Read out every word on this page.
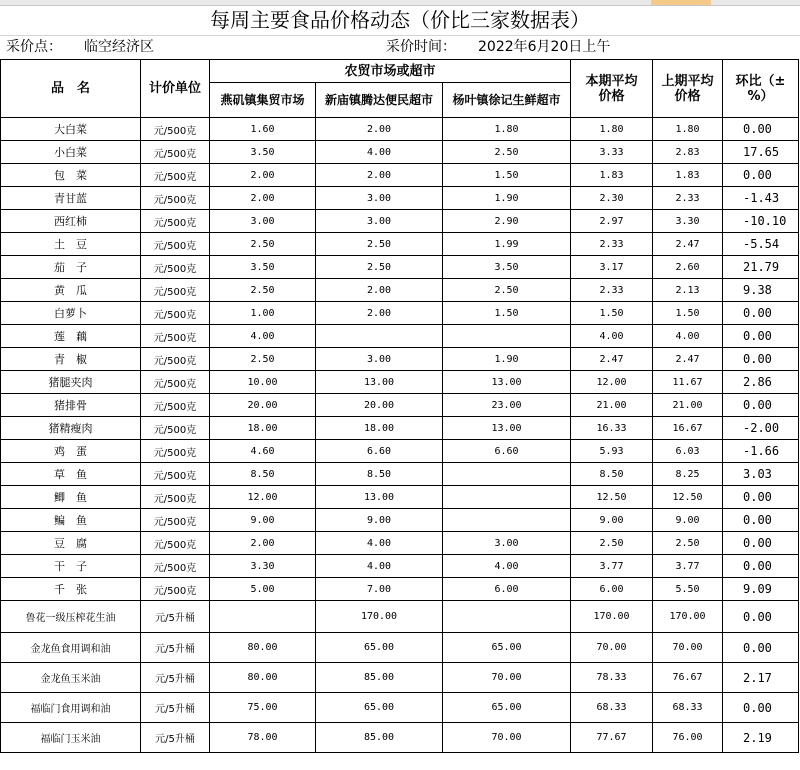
每周主要食品价格动态（价比三家数据表）
采价点： 临空经济区	采价时间： 2022年6月20日上午
品　名	计价单位	农贸市场或超市			本期平均价格	上期平均价格	环比（±%）
		燕矶镇集贸市场	新庙镇腾达便民超市	杨叶镇徐记生鲜超市			
大白菜	元/500克	1.60	2.00	1.80	1.80	1.80	0.00
小白菜	元/500克	3.50	4.00	2.50	3.33	2.83	17.65
包　菜	元/500克	2.00	2.00	1.50	1.83	1.83	0.00
青甘蓝	元/500克	2.00	3.00	1.90	2.30	2.33	-1.43
西红柿	元/500克	3.00	3.00	2.90	2.97	3.30	-10.10
土　豆	元/500克	2.50	2.50	1.99	2.33	2.47	-5.54
茄　子	元/500克	3.50	2.50	3.50	3.17	2.60	21.79
黄　瓜	元/500克	2.50	2.00	2.50	2.33	2.13	9.38
白萝卜	元/500克	1.00	2.00	1.50	1.50	1.50	0.00
莲　藕	元/500克	4.00			4.00	4.00	0.00
青　椒	元/500克	2.50	3.00	1.90	2.47	2.47	0.00
猪腿夹肉	元/500克	10.00	13.00	13.00	12.00	11.67	2.86
猪排骨	元/500克	20.00	20.00	23.00	21.00	21.00	0.00
猪精瘦肉	元/500克	18.00	18.00	13.00	16.33	16.67	-2.00
鸡　蛋	元/500克	4.60	6.60	6.60	5.93	6.03	-1.66
草　鱼	元/500克	8.50	8.50		8.50	8.25	3.03
鲫　鱼	元/500克	12.00	13.00		12.50	12.50	0.00
鳊　鱼	元/500克	9.00	9.00		9.00	9.00	0.00
豆　腐	元/500克	2.00	4.00	3.00	2.50	2.50	0.00
干　子	元/500克	3.30	4.00	4.00	3.77	3.77	0.00
千　张	元/500克	5.00	7.00	6.00	6.00	5.50	9.09
鲁花一级压榨花生油	元/5升桶		170.00		170.00	170.00	0.00
金龙鱼食用调和油	元/5升桶	80.00	65.00	65.00	70.00	70.00	0.00
金龙鱼玉米油	元/5升桶	80.00	85.00	70.00	78.33	76.67	2.17
福临门食用调和油	元/5升桶	75.00	65.00	65.00	68.33	68.33	0.00
福临门玉米油	元/5升桶	78.00	85.00	70.00	77.67	76.00	2.19
